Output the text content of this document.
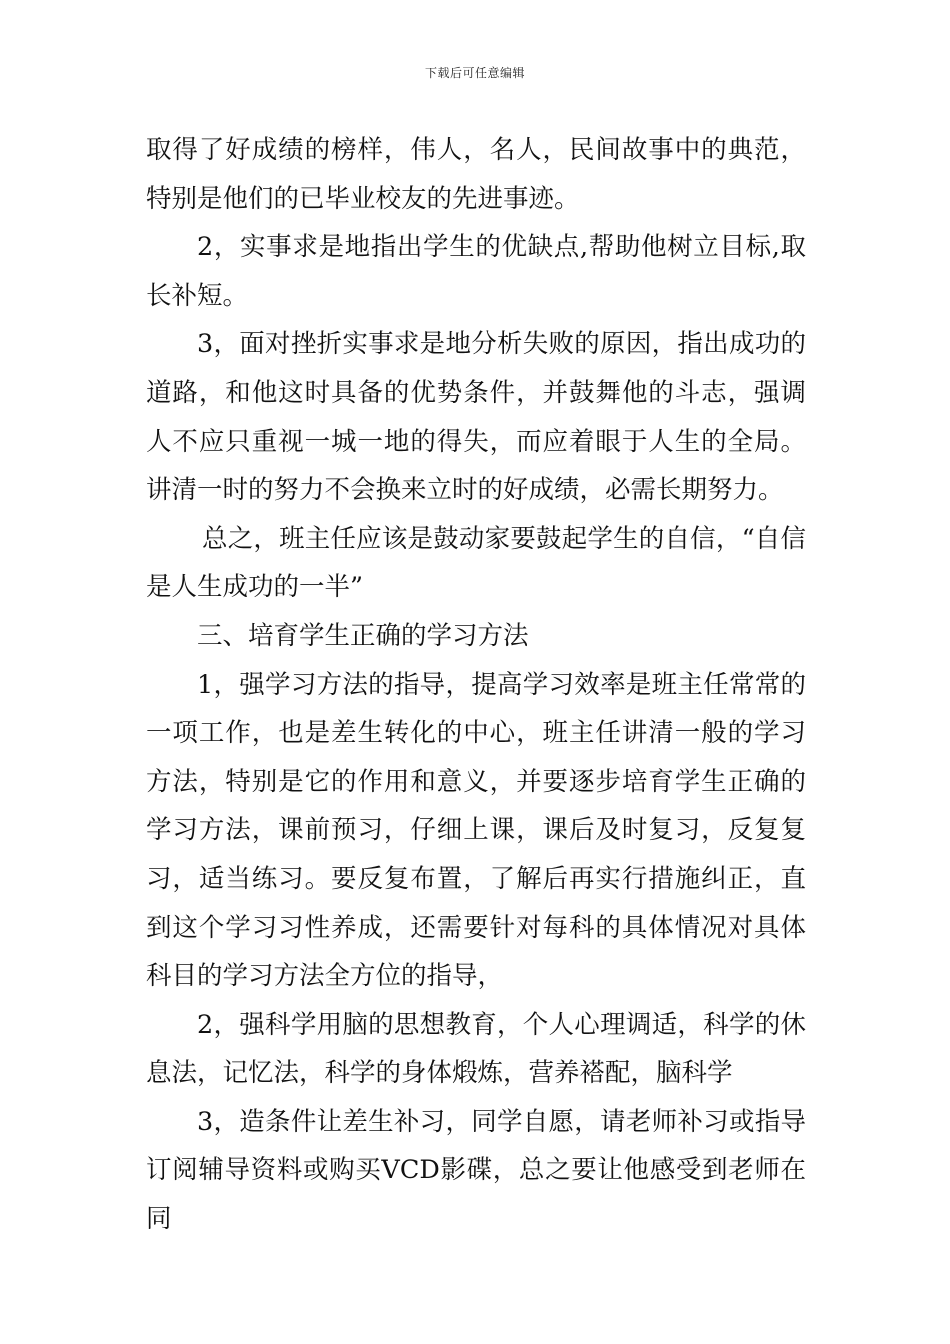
下载后可任意编辑

取得了好成绩的榜样，伟人，名人，民间故事中的典范，特别是他们的已毕业校友的先进事迹。

2，实事求是地指出学生的优缺点,帮助他树立目标,取长补短。

3，面对挫折实事求是地分析失败的原因，指出成功的道路，和他这时具备的优势条件，并鼓舞他的斗志，强调人不应只重视一城一地的得失，而应着眼于人生的全局。讲清一时的努力不会换来立时的好成绩，必需长期努力。

总之，班主任应该是鼓动家要鼓起学生的自信，“自信是人生成功的一半”

三、培育学生正确的学习方法

1，强学习方法的指导，提高学习效率是班主任常常的一项工作，也是差生转化的中心，班主任讲清一般的学习方法，特别是它的作用和意义，并要逐步培育学生正确的学习方法，课前预习，仔细上课，课后及时复习，反复复习，适当练习。要反复布置，了解后再实行措施纠正，直到这个学习习性养成，还需要针对每科的具体情况对具体科目的学习方法全方位的指导，

2，强科学用脑的思想教育，个人心理调适，科学的休息法，记忆法，科学的身体煅炼，营养褡配，脑科学

3，造条件让差生补习，同学自愿，请老师补习或指导订阅辅导资料或购买VCD影碟，总之要让他感受到老师在同
